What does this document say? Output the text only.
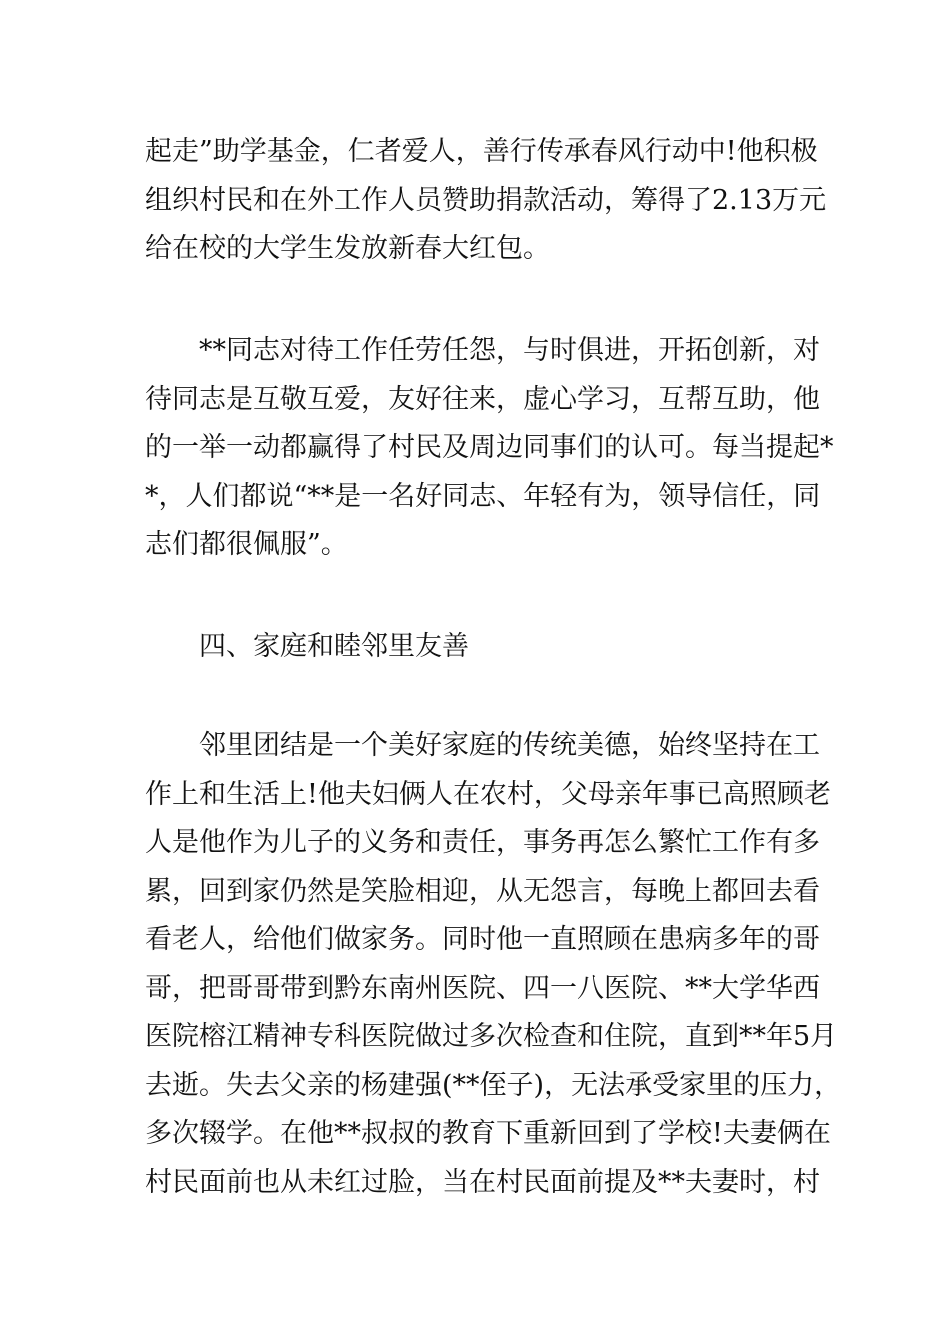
起走”助学基金，仁者爱人，善行传承春风行动中!他积极
组织村民和在外工作人员赞助捐款活动，筹得了2.13万元
给在校的大学生发放新春大红包。
**同志对待工作任劳任怨，与时俱进，开拓创新，对
待同志是互敬互爱，友好往来，虚心学习，互帮互助，他
的一举一动都赢得了村民及周边同事们的认可。每当提起*
*，人们都说“**是一名好同志、年轻有为，领导信任，同
志们都很佩服”。
四、家庭和睦邻里友善
邻里团结是一个美好家庭的传统美德，始终坚持在工
作上和生活上!他夫妇俩人在农村，父母亲年事已高照顾老
人是他作为儿子的义务和责任，事务再怎么繁忙工作有多
累，回到家仍然是笑脸相迎，从无怨言，每晚上都回去看
看老人，给他们做家务。同时他一直照顾在患病多年的哥
哥，把哥哥带到黔东南州医院、四一八医院、**大学华西
医院榕江精神专科医院做过多次检查和住院，直到**年5月
去逝。失去父亲的杨建强(**侄子)，无法承受家里的压力，
多次辍学。在他**叔叔的教育下重新回到了学校!夫妻俩在
村民面前也从未红过脸，当在村民面前提及**夫妻时，村
